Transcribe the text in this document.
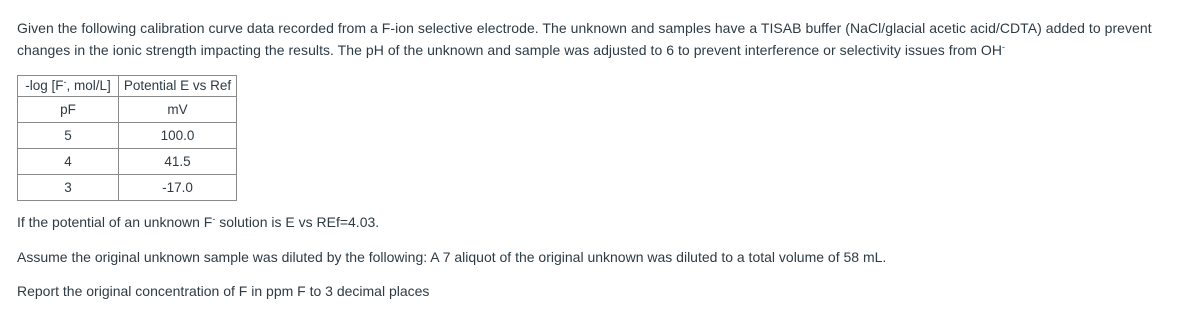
Given the following calibration curve data recorded from a F-ion selective electrode. The unknown and samples have a TISAB buffer (NaCl/glacial acetic acid/CDTA) added to prevent changes in the ionic strength impacting the results. The pH of the unknown and sample was adjusted to 6 to prevent interference or selectivity issues from OH-

-log [F-, mol/L]	Potential E vs Ref
pF	mV
5	100.0
4	41.5
3	-17.0

If the potential of an unknown F- solution is E vs REf=4.03.

Assume the original unknown sample was diluted by the following: A 7 aliquot of the original unknown was diluted to a total volume of 58 mL.

Report the original concentration of F in ppm F to 3 decimal places
